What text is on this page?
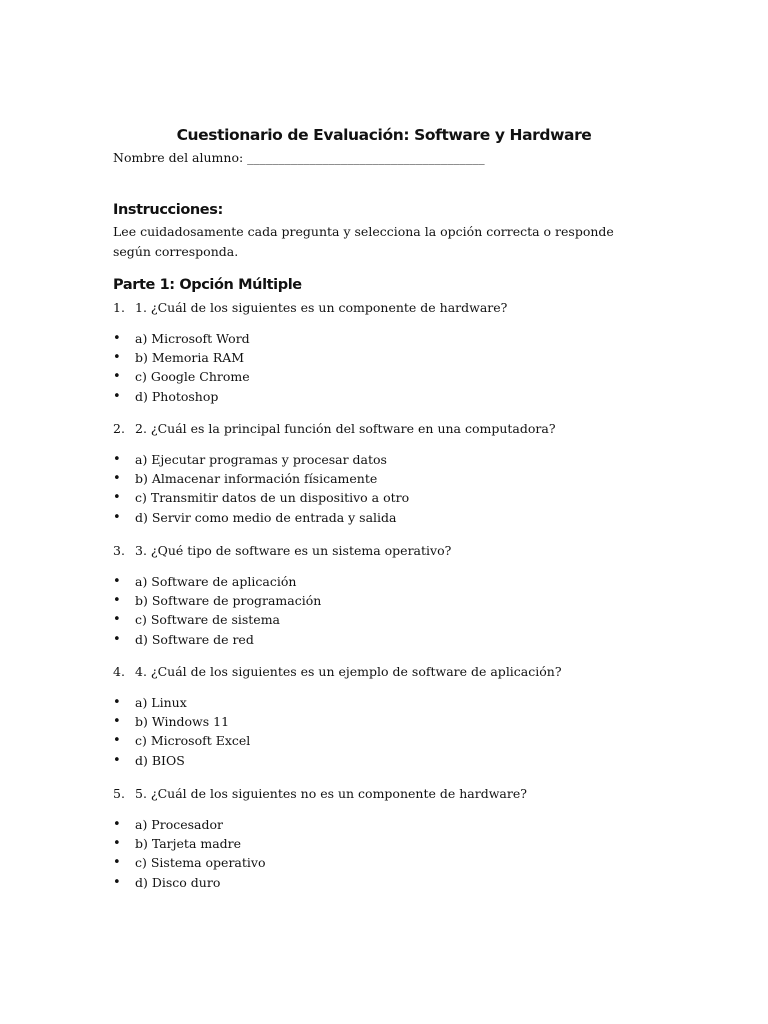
Cuestionario de Evaluación: Software y Hardware
Nombre del alumno: ______________________________________
Instrucciones:

Lee cuidadosamente cada pregunta y selecciona la opción correcta o responde según corresponda.

Parte 1: Opción Múltiple
1. 1. ¿Cuál de los siguientes es un componente de hardware?
• a) Microsoft Word
• b) Memoria RAM
• c) Google Chrome
• d) Photoshop
2. 2. ¿Cuál es la principal función del software en una computadora?
• a) Ejecutar programas y procesar datos
• b) Almacenar información físicamente
• c) Transmitir datos de un dispositivo a otro
• d) Servir como medio de entrada y salida
3. 3. ¿Qué tipo de software es un sistema operativo?
• a) Software de aplicación
• b) Software de programación
• c) Software de sistema
• d) Software de red
4. 4. ¿Cuál de los siguientes es un ejemplo de software de aplicación?
• a) Linux
• b) Windows 11
• c) Microsoft Excel
• d) BIOS
5. 5. ¿Cuál de los siguientes no es un componente de hardware?
• a) Procesador
• b) Tarjeta madre
• c) Sistema operativo
• d) Disco duro
